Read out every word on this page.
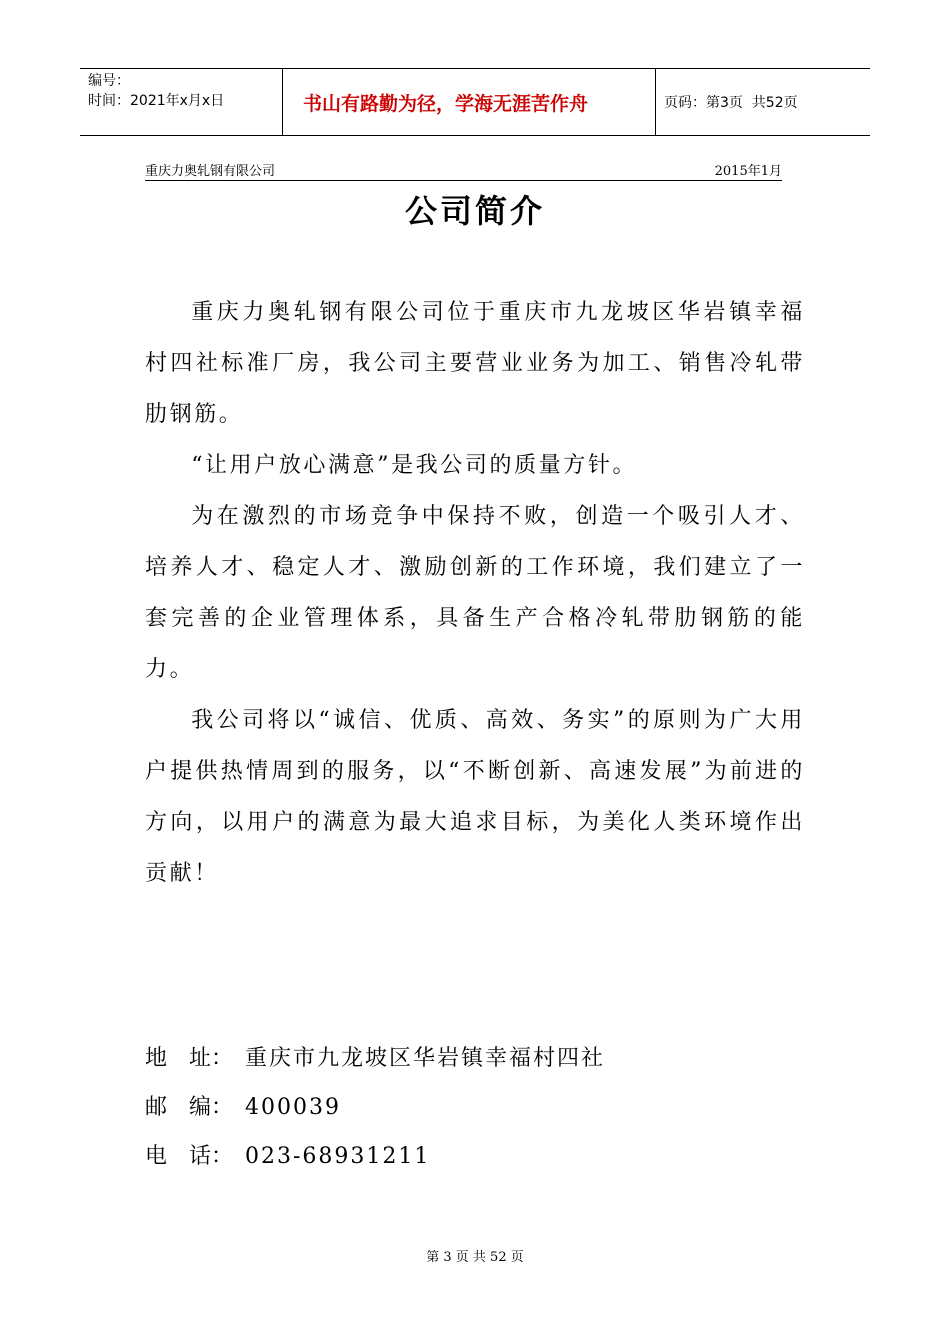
编号：
时间：2021年x月x日	书山有路勤为径，学海无涯苦作舟	页码：第3页  共52页
重庆力奥轧钢有限公司	2015年1月
公司简介

重庆力奥轧钢有限公司位于重庆市九龙坡区华岩镇幸福村四社标准厂房，我公司主要营业业务为加工、销售冷轧带肋钢筋。

“让用户放心满意”是我公司的质量方针。

为在激烈的市场竞争中保持不败，创造一个吸引人才、培养人才、稳定人才、激励创新的工作环境，我们建立了一套完善的企业管理体系，具备生产合格冷轧带肋钢筋的能力。

我公司将以“诚信、优质、高效、务实”的原则为广大用户提供热情周到的服务，以“不断创新、高速发展”为前进的方向，以用户的满意为最大追求目标，为美化人类环境作出贡献！

地　址： 重庆市九龙坡区华岩镇幸福村四社
邮　编： 400039
电　话： 023-68931211
第 3 页 共 52 页
